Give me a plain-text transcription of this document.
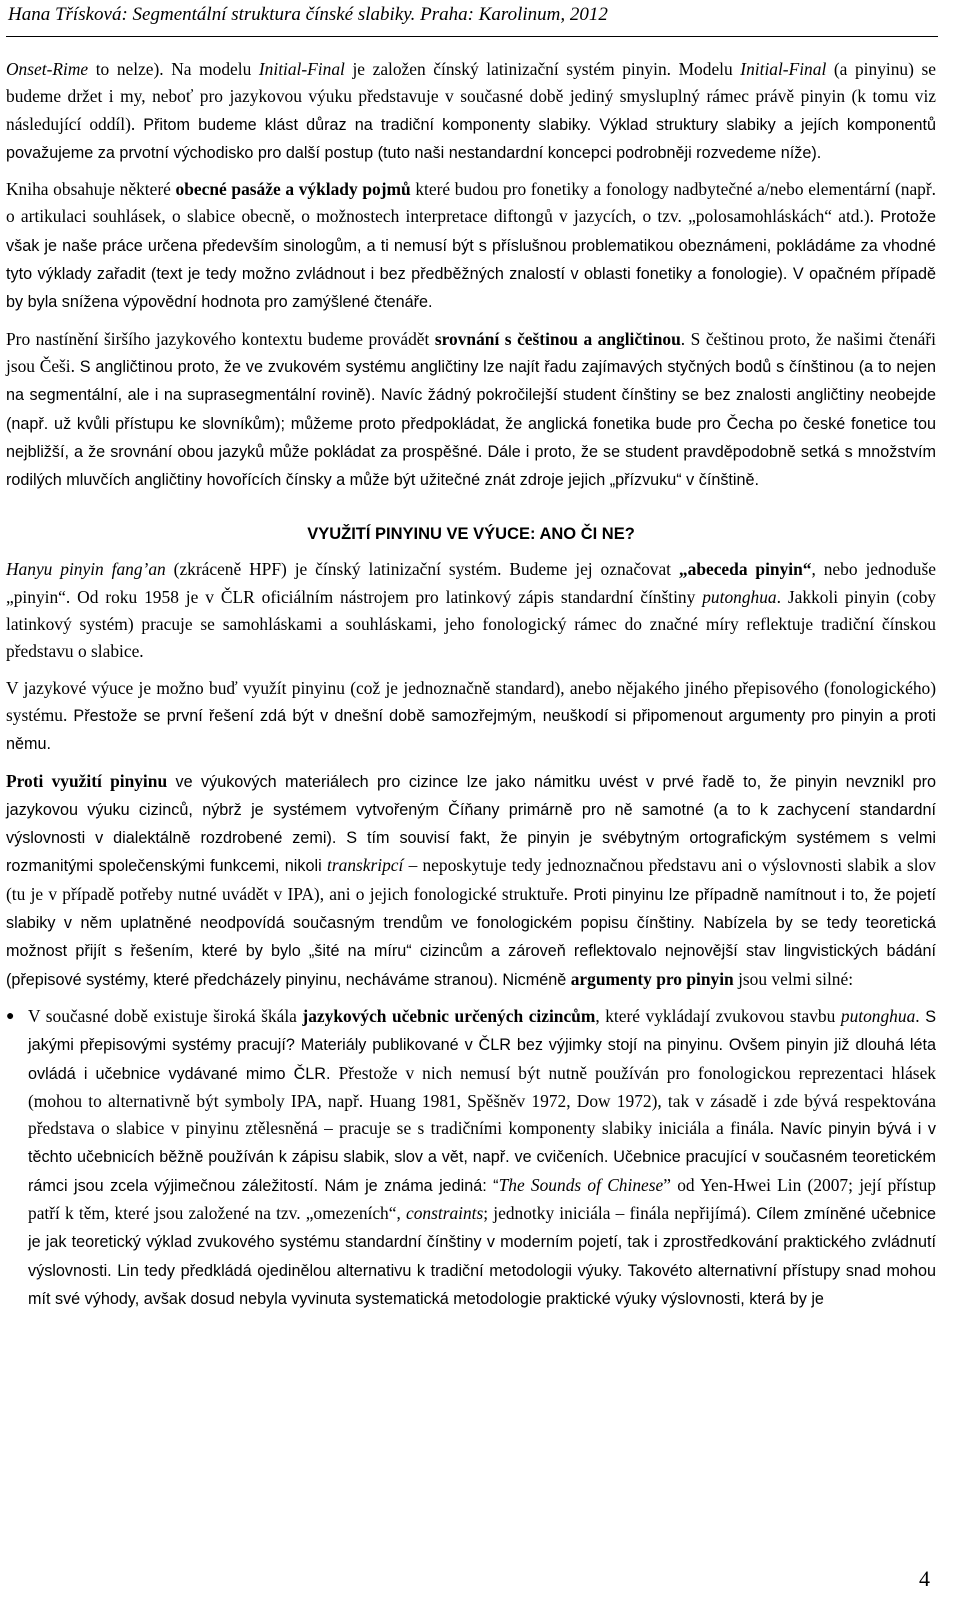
Hana Třísková: Segmentální struktura čínské slabiky. Praha: Karolinum, 2012

Onset-Rime to nelze). Na modelu Initial-Final je založen čínský latinizační systém pinyin. Modelu Initial-Final (a pinyinu) se budeme držet i my, neboť pro jazykovou výuku představuje v současné době jediný smysluplný rámec právě pinyin (k tomu viz následující oddíl). Přitom budeme klást důraz na tradiční komponenty slabiky. Výklad struktury slabiky a jejích komponentů považujeme za prvotní východisko pro další postup (tuto naši nestandardní koncepci podrobněji rozvedeme níže).

Kniha obsahuje některé obecné pasáže a výklady pojmů které budou pro fonetiky a fonology nadbytečné a/nebo elementární (např. o artikulaci souhlásek, o slabice obecně, o možnostech interpretace diftongů v jazycích, o tzv. „polosamohláskách“ atd.). Protože však je naše práce určena především sinologům, a ti nemusí být s příslušnou problematikou obeznámeni, pokládáme za vhodné tyto výklady zařadit (text je tedy možno zvládnout i bez předběžných znalostí v oblasti fonetiky a fonologie). V opačném případě by byla snížena výpovědní hodnota pro zamýšlené čtenáře.

Pro nastínění širšího jazykového kontextu budeme provádět srovnání s češtinou a angličtinou. S češtinou proto, že našimi čtenáři jsou Češi. S angličtinou proto, že ve zvukovém systému angličtiny lze najít řadu zajímavých styčných bodů s čínštinou (a to nejen na segmentální, ale i na suprasegmentální rovině). Navíc žádný pokročilejší student čínštiny se bez znalosti angličtiny neobejde (např. už kvůli přístupu ke slovníkům); můžeme proto předpokládat, že anglická fonetika bude pro Čecha po české fonetice tou nejbližší, a že srovnání obou jazyků může pokládat za prospěšné. Dále i proto, že se student pravděpodobně setká s množstvím rodilých mluvčích angličtiny hovořících čínsky a může být užitečné znát zdroje jejich „přízvuku“ v čínštině.

VYUŽITÍ PINYINU VE VÝUCE: ANO ČI NE?

Hanyu pinyin fang’an (zkráceně HPF) je čínský latinizační systém. Budeme jej označovat „abeceda pinyin“, nebo jednoduše „pinyin“. Od roku 1958 je v ČLR oficiálním nástrojem pro latinkový zápis standardní čínštiny putonghua. Jakkoli pinyin (coby latinkový systém) pracuje se samohláskami a souhláskami, jeho fonologický rámec do značné míry reflektuje tradiční čínskou představu o slabice.

V jazykové výuce je možno buď využít pinyinu (což je jednoznačně standard), anebo nějakého jiného přepisového (fonologického) systému. Přestože se první řešení zdá být v dnešní době samozřejmým, neuškodí si připomenout argumenty pro pinyin a proti němu.

Proti využití pinyinu ve výukových materiálech pro cizince lze jako námitku uvést v prvé řadě to, že pinyin nevznikl pro jazykovou výuku cizinců, nýbrž je systémem vytvořeným Číňany primárně pro ně samotné (a to k zachycení standardní výslovnosti v dialektálně rozdrobené zemi). S tím souvisí fakt, že pinyin je svébytným ortografickým systémem s velmi rozmanitými společenskými funkcemi, nikoli transkripcí – neposkytuje tedy jednoznačnou představu ani o výslovnosti slabik a slov (tu je v případě potřeby nutné uvádět v IPA), ani o jejich fonologické struktuře. Proti pinyinu lze případně namítnout i to, že pojetí slabiky v něm uplatněné neodpovídá současným trendům ve fonologickém popisu čínštiny. Nabízela by se tedy teoretická možnost přijít s řešením, které by bylo „šité na míru“ cizincům a zároveň reflektovalo nejnovější stav lingvistických bádání (přepisové systémy, které předcházely pinyinu, necháváme stranou). Nicméně argumenty pro pinyin jsou velmi silné:

● V současné době existuje široká škála jazykových učebnic určených cizincům, které vykládají zvukovou stavbu putonghua. S jakými přepisovými systémy pracují? Materiály publikované v ČLR bez výjimky stojí na pinyinu. Ovšem pinyin již dlouhá léta ovládá i učebnice vydávané mimo ČLR. Přestože v nich nemusí být nutně používán pro fonologickou reprezentaci hlásek (mohou to alternativně být symboly IPA, např. Huang 1981, Spěšněv 1972, Dow 1972), tak v zásadě i zde bývá respektována představa o slabice v pinyinu ztělesněná – pracuje se s tradičními komponenty slabiky iniciála a finála. Navíc pinyin bývá i v těchto učebnicích běžně používán k zápisu slabik, slov a vět, např. ve cvičeních. Učebnice pracující v současném teoretickém rámci jsou zcela výjimečnou záležitostí. Nám je známa jediná: “The Sounds of Chinese” od Yen-Hwei Lin (2007; její přístup patří k těm, které jsou založené na tzv. „omezeních“, constraints; jednotky iniciála – finála nepřijímá). Cílem zmíněné učebnice je jak teoretický výklad zvukového systému standardní čínštiny v moderním pojetí, tak i zprostředkování praktického zvládnutí výslovnosti. Lin tedy předkládá ojedinělou alternativu k tradiční metodologii výuky. Takovéto alternativní přístupy snad mohou mít své výhody, avšak dosud nebyla vyvinuta systematická metodologie praktické výuky výslovnosti, která by je
4
